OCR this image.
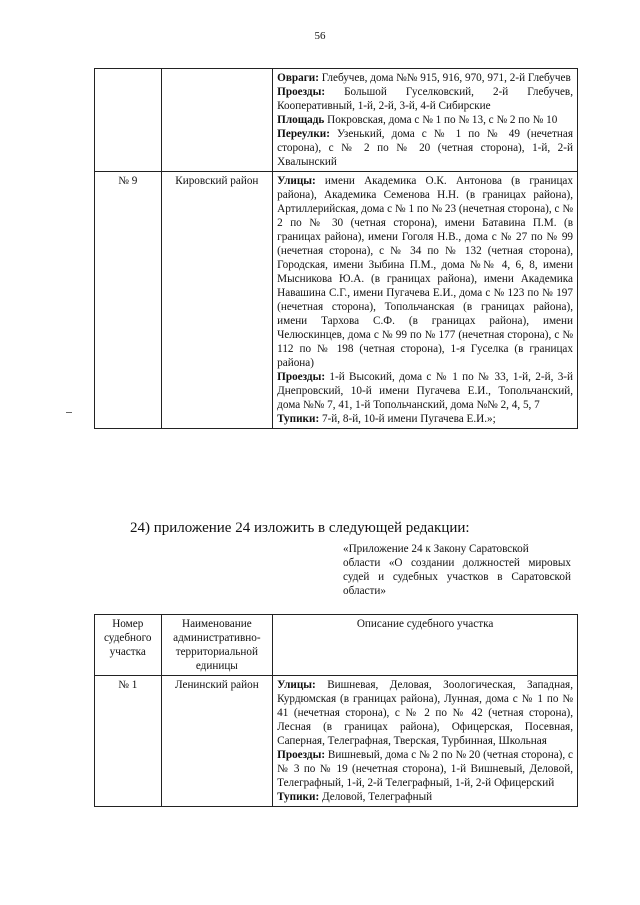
56

		Овраги: Глебучев, дома №№ 915, 916, 970, 971, 2-й Глебучев

Проезды: Большой Гуселковский, 2-й Глебучев, Кооперативный, 1-й, 2-й, 3-й, 4-й Сибирские

Площадь Покровская, дома с № 1 по № 13, с № 2 по № 10

Переулки: Узенький, дома с № 1 по № 49 (нечетная сторона), с № 2 по № 20 (четная сторона), 1-й, 2-й Хвалынский

№ 9	Кировский район	Улицы: имени Академика О.К. Антонова (в границах района), Академика Семенова Н.Н. (в границах района), Артиллерийская, дома с № 1 по № 23 (нечетная сторона), с № 2 по № 30 (четная сторона), имени Батавина П.М. (в границах района), имени Гоголя Н.В., дома с № 27 по № 99 (нечетная сторона), с № 34 по № 132 (четная сторона), Городская, имени Зыбина П.М., дома №№ 4, 6, 8, имени Мысникова Ю.А. (в границах района), имени Академика Навашина С.Г., имени Пугачева Е.И., дома с № 123 по № 197 (нечетная сторона), Топольчанская (в границах района), имени Тархова С.Ф. (в границах района), имени Челюскинцев, дома с № 99 по № 177 (нечетная сторона), с № 112 по № 198 (четная сторона), 1-я Гуселка (в границах района)

Проезды: 1-й Высокий, дома с № 1 по № 33, 1-й, 2-й, 3-й Днепровский, 10-й имени Пугачева Е.И., Топольчанский, дома №№ 7, 41, 1-й Топольчанский, дома №№ 2, 4, 5, 7

Тупики: 7-й, 8-й, 10-й имени Пугачева Е.И.»;

24) приложение 24 изложить в следующей редакции:
«Приложение 24 к Закону Саратовской
области «О создании должностей мировых судей и судебных участков в Саратовской области»
Номер судебного участка	Наименование административно-территориальной единицы	Описание судебного участка
№ 1	Ленинский район	Улицы: Вишневая, Деловая, Зоологическая, Западная, Курдюмская (в границах района), Лунная, дома с № 1 по № 41 (нечетная сторона), с № 2 по № 42 (четная сторона), Лесная (в границах района), Офицерская, Посевная, Саперная, Телеграфная, Тверская, Турбинная, Школьная

Проезды: Вишневый, дома с № 2 по № 20 (четная сторона), с № 3 по № 19 (нечетная сторона), 1-й Вишневый, Деловой, Телеграфный, 1-й, 2-й Телеграфный, 1-й, 2-й Офицерский

Тупики: Деловой, Телеграфный
